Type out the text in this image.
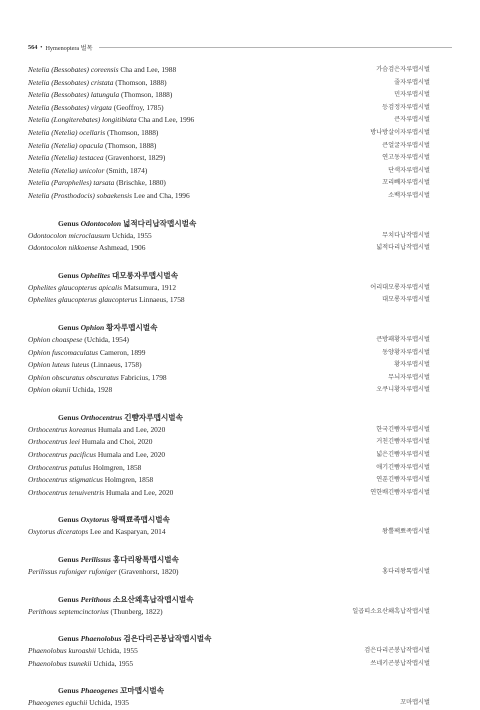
564 • Hymenoptera 벌목
Netelia (Bessobates) coreensis Cha and Lee, 1988	가슴검은자루맵시벌
Netelia (Bessobates) cristata (Thomson, 1888)	줄자루맵시벌
Netelia (Bessobates) latungula (Thomson, 1888)	민자루맵시벌
Netelia (Bessobates) virgata (Geoffroy, 1785)	등검정자루맵시벌
Netelia (Longiterebates) longitibiata Cha and Lee, 1996	큰자루맵시벌
Netelia (Netelia) ocellaris (Thomson, 1888)	방나방살이자루맵시벌
Netelia (Netelia) opacula (Thomson, 1888)	큰얼굴자루맵시벌
Netelia (Netelia) testacea (Gravenhorst, 1829)	연고동자루맵시벌
Netelia (Netelia) unicolor (Smith, 1874)	단색자루맵시벌
Netelia (Parophelles) tarsata (Brischke, 1880)	꼬리빼자루맵시벌
Netelia (Prosthodocis) sobaekensis Lee and Cha, 1996	소백자루맵시벌
Genus Odontocolon 넓적다리납작맵시벌속
Odontocolon microclausum Uchida, 1955	무치다납작맵시벌
Odontocolon nikkoense Ashmead, 1906	넓적다리납작맵시벌
Genus Ophelites 대모롱자루맵시벌속
Ophelites glaucopterus apicalis Matsumura, 1912	어리대모롱자루맵시벌
Ophelites glaucopterus glaucopterus Linnaeus, 1758	대모롱자루맵시벌
Genus Ophion 황자루맵시벌속
Ophion choaspese (Uchida, 1954)	큰방패황자루맵시벌
Ophion fuscomaculatus Cameron, 1899	동양황자루맵시벌
Ophion luteus luteus (Linnaeus, 1758)	황자루맵시벌
Ophion obscuratus obscuratus Fabricius, 1798	무늬자루맵시벌
Ophion okunii Uchida, 1928	오쿠니황자루맵시벌
Genus Orthocentrus 긴뺨자루맵시벌속
Orthocentrus koreanus Humala and Lee, 2020	한국긴뺨자루맵시벌
Orthocentrus leei Humala and Choi, 2020	거친긴뺨자루맵시벌
Orthocentrus pacificus Humala and Lee, 2020	넓은긴뺨자루맵시벌
Orthocentrus patulus Holmgren, 1858	애기긴뺨자루맵시벌
Orthocentrus stigmaticus Holmgren, 1858	연푼긴뺨자루맵시벌
Orthocentrus tenuiventris Humala and Lee, 2020	연한배긴뺨자루맵시벌
Genus Oxytorus 왕팩뾰족맵시벌속
Oxytorus diceratops Lee and Kasparyan, 2014	왕뿔팩뾰족맵시벌
Genus Perilissus 홍다리왕톡맵시벌속
Perilissus rufoniger rufoniger (Gravenhorst, 1820)	홍다리왕톡맵시벌
Genus Perithous 소요산왜흑납작맵시벌속
Perithous septemcinctorius (Thunberg, 1822)	일곱띠소요산왜흑납작맵시벌
Genus Phaenolobus 검은다리곤봉납작맵시벌속
Phaenolobus kuroashii Uchida, 1955	검은다리곤봉납작맵시벌
Phaenolobus tsunekii Uchida, 1955	쓰네키곤봉납작맵시벌
Genus Phaeogenes 꼬마맵시벌속
Phaeogenes eguchii Uchida, 1935	꼬마맵시벌
